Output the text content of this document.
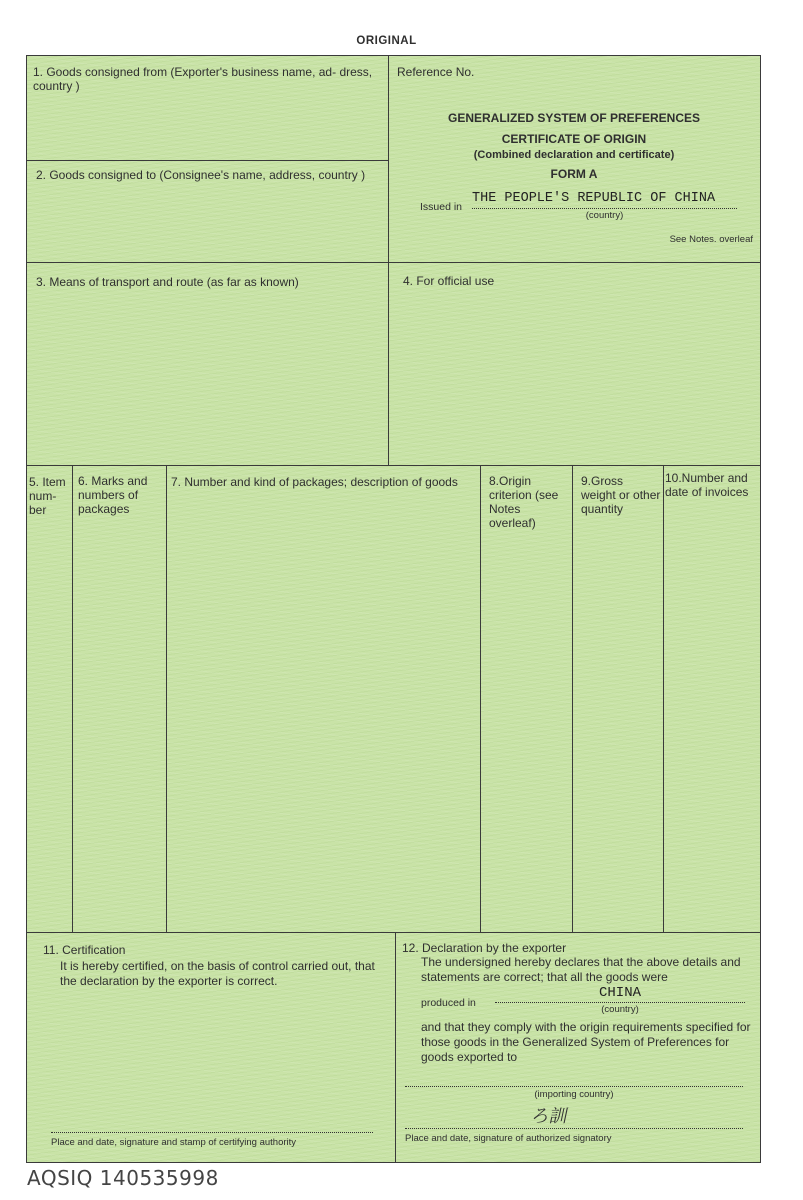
ORIGINAL
1. Goods consigned from (Exporter's business name, ad- dress, country )
2. Goods consigned to (Consignee's name, address, country )
Reference No.
GENERALIZED SYSTEM OF PREFERENCES
CERTIFICATE OF ORIGIN
(Combined declaration and certificate)
FORM A
Issued in
THE PEOPLE'S REPUBLIC OF CHINA
(country)
See Notes. overleaf
3. Means of transport and route (as far as known)	4. For official use
5. Item num- ber
6. Marks and numbers of packages
7. Number and kind of packages; description of goods	8.Origin criterion (see Notes overleaf)
9.Gross weight or other quantity
10.Number and date of invoices
11. Certification
It is hereby certified, on the basis of control carried out, that the declaration by the exporter is correct.
Place and date, signature and stamp of certifying authority
12. Declaration by the exporter
The undersigned hereby declares that the above details and statements are correct; that all the goods were
produced in
CHINA
(country)
and that they comply with the origin requirements specified for those goods in the Generalized System of Preferences for goods exported to
(importing country)
ろ訓
Place and date, signature of authorized signatory
AQSIQ 140535998
